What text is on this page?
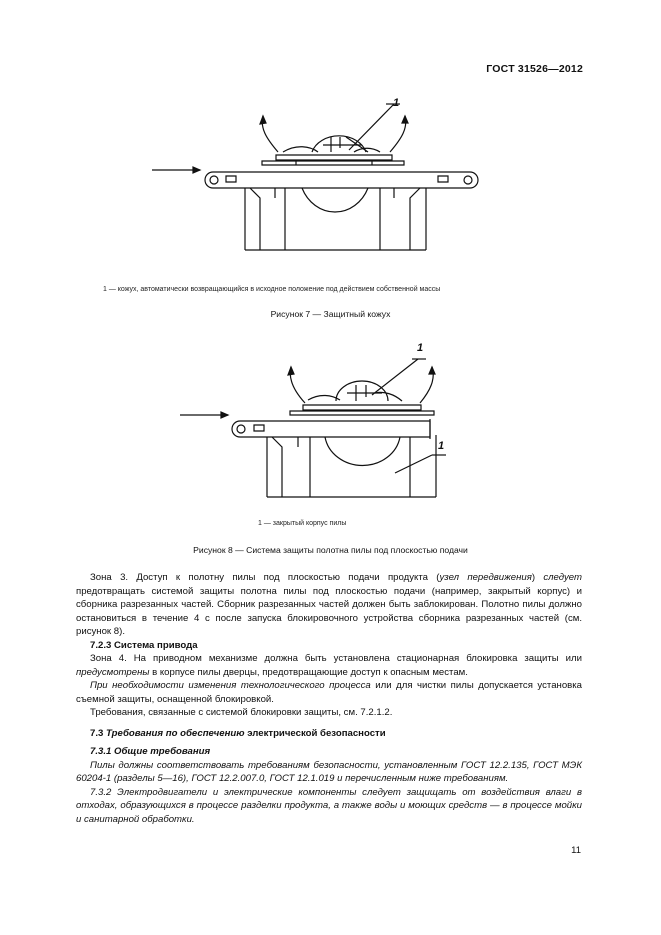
ГОСТ 31526—2012
1
1 — кожух, автоматически возвращающийся в исходное положение под действием собственной массы
Рисунок 7 — Защитный кожух
1
1
1 — закрытый корпус пилы
Рисунок 8 — Система защиты полотна пилы под плоскостью подачи

Зона 3. Доступ к полотну пилы под плоскостью подачи продукта (узел передвижения) следует предотвращать системой защиты полотна пилы под плоскостью подачи (например, закрытый корпус) и сборника разрезанных частей. Сборник разрезанных частей должен быть заблокирован. Полотно пилы должно остановиться в течение 4 с после запуска блокировочного устройства сборника разрезанных частей (см. рисунок 8).

7.2.3 Система привода

Зона 4. На приводном механизме должна быть установлена стационарная блокировка защиты или предусмотрены в корпусе пилы дверцы, предотвращающие доступ к опасным местам.

При необходимости изменения технологического процесса или для чистки пилы допускается установка съемной защиты, оснащенной блокировкой.

Требования, связанные с системой блокировки защиты, см. 7.2.1.2.

7.3 Требования по обеспечению электрической безопасности

7.3.1 Общие требования

Пилы должны соответствовать требованиям безопасности, установленным ГОСТ 12.2.135, ГОСТ МЭК 60204-1 (разделы 5—16), ГОСТ 12.2.007.0, ГОСТ 12.1.019 и перечисленным ниже требованиям.

7.3.2 Электродвигатели и электрические компоненты следует защищать от воздействия влаги в отходах, образующихся в процессе разделки продукта, а также воды и моющих средств — в процессе мойки и санитарной обработки.

11
